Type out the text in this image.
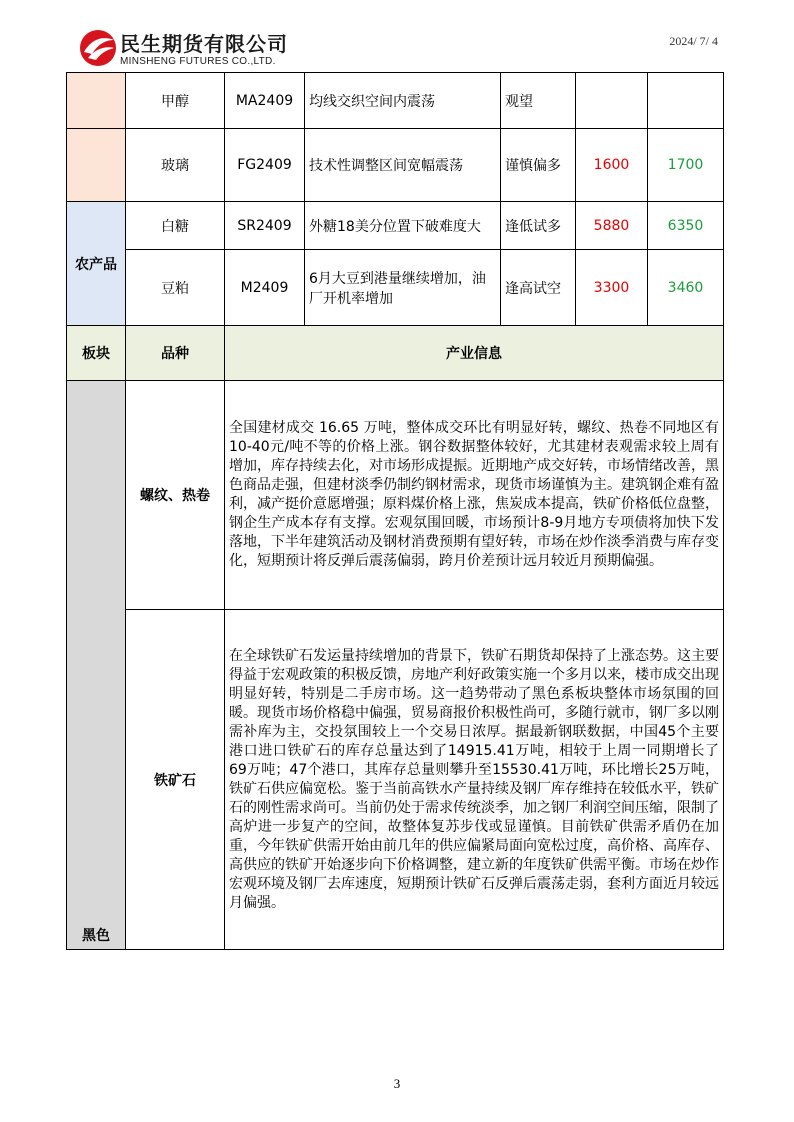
民生期货有限公司
MINSHENG FUTURES CO.,LTD.
2024/ 7/ 4
	甲醇	MA2409	均线交织空间内震荡	观望		
	玻璃	FG2409	技术性调整区间宽幅震荡	谨慎偏多	1600	1700
农产品	白糖	SR2409	外糖18美分位置下破难度大	逢低试多	5880	6350
	豆粕	M2409	6月大豆到港量继续增加，油厂开机率增加	逢高试空	3300	3460
板块	品种	产业信息				
黑色	螺纹、热卷	全国建材成交 16.65 万吨，整体成交环比有明显好转，螺纹、热卷不同地区有10-40元/吨不等的价格上涨。钢谷数据整体较好，尤其建材表观需求较上周有增加，库存持续去化，对市场形成提振。近期地产成交好转，市场情绪改善，黑色商品走强，但建材淡季仍制约钢材需求，现货市场谨慎为主。建筑钢企难有盈利，减产挺价意愿增强；原料煤价格上涨，焦炭成本提高，铁矿价格低位盘整，钢企生产成本存有支撑。宏观氛围回暖，市场预计8-9月地方专项债将加快下发落地，下半年建筑活动及钢材消费预期有望好转，市场在炒作淡季消费与库存变化，短期预计将反弹后震荡偏弱，跨月价差预计远月较近月预期偏强。				
	铁矿石	在全球铁矿石发运量持续增加的背景下，铁矿石期货却保持了上涨态势。这主要得益于宏观政策的积极反馈，房地产利好政策实施一个多月以来，楼市成交出现明显好转，特别是二手房市场。这一趋势带动了黑色系板块整体市场氛围的回暖。现货市场价格稳中偏强，贸易商报价积极性尚可，多随行就市，钢厂多以刚需补库为主，交投氛围较上一个交易日浓厚。据最新钢联数据，中国45个主要港口进口铁矿石的库存总量达到了14915.41万吨，相较于上周一同期增长了69万吨；47个港口，其库存总量则攀升至15530.41万吨，环比增长25万吨，铁矿石供应偏宽松。鉴于当前高铁水产量持续及钢厂库存维持在较低水平，铁矿石的刚性需求尚可。当前仍处于需求传统淡季，加之钢厂利润空间压缩，限制了高炉进一步复产的空间，故整体复苏步伐或显谨慎。目前铁矿供需矛盾仍在加重，今年铁矿供需开始由前几年的供应偏紧局面向宽松过度，高价格、高库存、高供应的铁矿开始逐步向下价格调整，建立新的年度铁矿供需平衡。市场在炒作宏观环境及钢厂去库速度，短期预计铁矿石反弹后震荡走弱，套利方面近月较远月偏强。				
3
